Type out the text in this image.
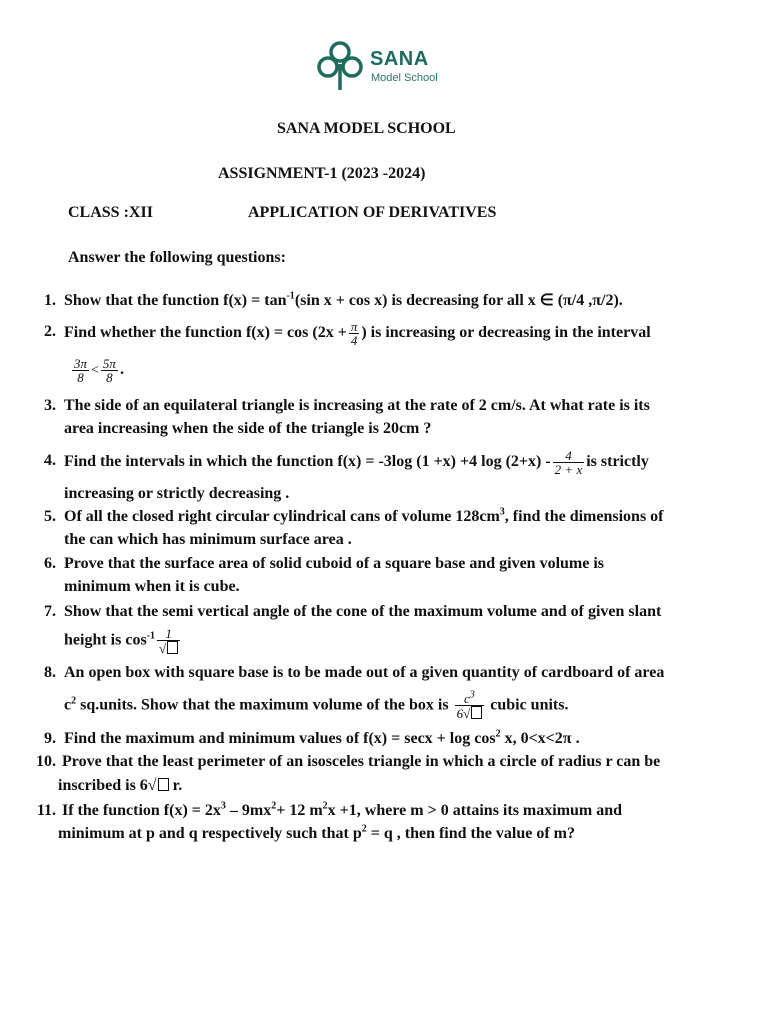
SANA
Model School
SANA MODEL SCHOOL
ASSIGNMENT-1 (2023 -2024)
CLASS :XII	APPLICATION OF DERIVATIVES
Answer the following questions:
1. Show that the function $f(x) = \tan^{-1}(\sin$ x + cos x) is decreasing for all x ∈ (π/4 ,π/2).
2. Find whether the function $f(x) = \cos (2x + \frac{\pi}{4}$ ) is increasing or decreasing in the interval
$\frac{3\pi}{8} < \frac{5\pi}{8}$ .
3. The side of an equilateral triangle is increasing at the rate of 2 cm/s. At what rate is its
area increasing when the side of the triangle is 20cm ?
4. Find the intervals in which the function f(x) = -3log (1 +x) +4 $\log (2+x) - \frac{4}{2 + x}$ is strictly
increasing or strictly decreasing .
5. Of all the closed right circular cylindrical cans of volume $128cm^3$, find the dimensions of
the can which has minimum surface area .
6. Prove that the surface area of solid cuboid of a square base and given volume is
minimum when it is cube.
7. Show that the semi vertical angle of the cone of the maximum volume and of given slant
height is $\cos^{-1} \frac{1}{√}$
8. An open box with square base is to be made out of a given quantity of cardboard of area
$c^2$ sq.units. Show that the maximum volume of the box is $\frac{c^3}{6√}$ cubic units.
9. Find the maximum and minimum values of $f(x) = \sec x + \log \cos^2 x$, 0<x<2π .
10. Prove that the least perimeter of an isosceles triangle in which a circle of radius r can be
inscribed is 6√ r.
11. If the function $f(x) = 2x^3 - 9mx^2+ 12$ $m^2x +1$, where m > 0 attains its maximum and
minimum at p and q respectively such that $p^2 = q$ , then find the value of m?
